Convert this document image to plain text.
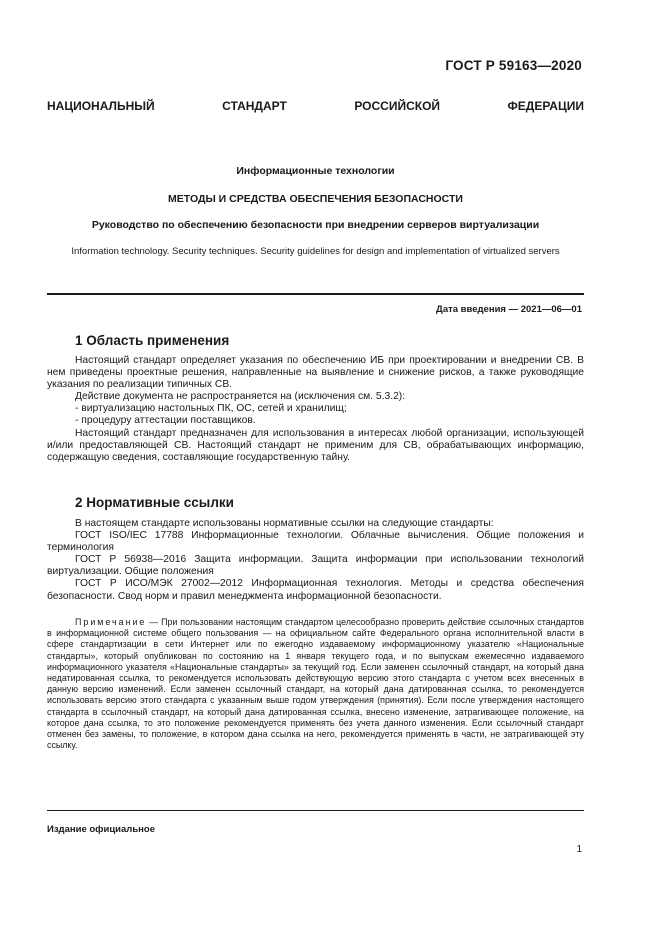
ГОСТ Р 59163—2020
НАЦИОНАЛЬНЫЙ СТАНДАРТ РОССИЙСКОЙ ФЕДЕРАЦИИ
Информационные технологии
МЕТОДЫ И СРЕДСТВА ОБЕСПЕЧЕНИЯ БЕЗОПАСНОСТИ
Руководство по обеспечению безопасности при внедрении серверов виртуализации
Information technology. Security techniques. Security guidelines for design and implementation of virtualized servers
Дата введения — 2021—06—01
1 Область применения

Настоящий стандарт определяет указания по обеспечению ИБ при проектировании и внедрении СВ. В нем приведены проектные решения, направленные на выявление и снижение рисков, а также руководящие указания по реализации типичных СВ.

Действие документа не распространяется на (исключения см. 5.3.2):

- виртуализацию настольных ПК, ОС, сетей и хранилищ;

- процедуру аттестации поставщиков.

Настоящий стандарт предназначен для использования в интересах любой организации, использующей и/или предоставляющей СВ. Настоящий стандарт не применим для СВ, обрабатывающих информацию, содержащую сведения, составляющие государственную тайну.

2 Нормативные ссылки

В настоящем стандарте использованы нормативные ссылки на следующие стандарты:

ГОСТ ISO/IEC 17788 Информационные технологии. Облачные вычисления. Общие положения и терминология

ГОСТ Р 56938—2016 Защита информации. Защита информации при использовании технологий виртуализации. Общие положения

ГОСТ Р ИСО/МЭК 27002—2012 Информационная технология. Методы и средства обеспечения безопасности. Свод норм и правил менеджмента информационной безопасности.

Примечание — При пользовании настоящим стандартом целесообразно проверить действие ссылочных стандартов в информационной системе общего пользования — на официальном сайте Федерального органа исполнительной власти в сфере стандартизации в сети Интернет или по ежегодно издаваемому информационному указателю «Национальные стандарты», который опубликован по состоянию на 1 января текущего года, и по выпускам ежемесячно издаваемого информационного указателя «Национальные стандарты» за текущий год. Если заменен ссылочный стандарт, на который дана недатированная ссылка, то рекомендуется использовать действующую версию этого стандарта с учетом всех внесенных в данную версию изменений. Если заменен ссылочный стандарт, на который дана датированная ссылка, то рекомендуется использовать версию этого стандарта с указанным выше годом утверждения (принятия). Если после утверждения настоящего стандарта в ссылочный стандарт, на который дана датированная ссылка, внесено изменение, затрагивающее положение, на которое дана ссылка, то это положение рекомендуется применять без учета данного изменения. Если ссылочный стандарт отменен без замены, то положение, в котором дана ссылка на него, рекомендуется применять в части, не затрагивающей эту ссылку.

Издание официальное
1
